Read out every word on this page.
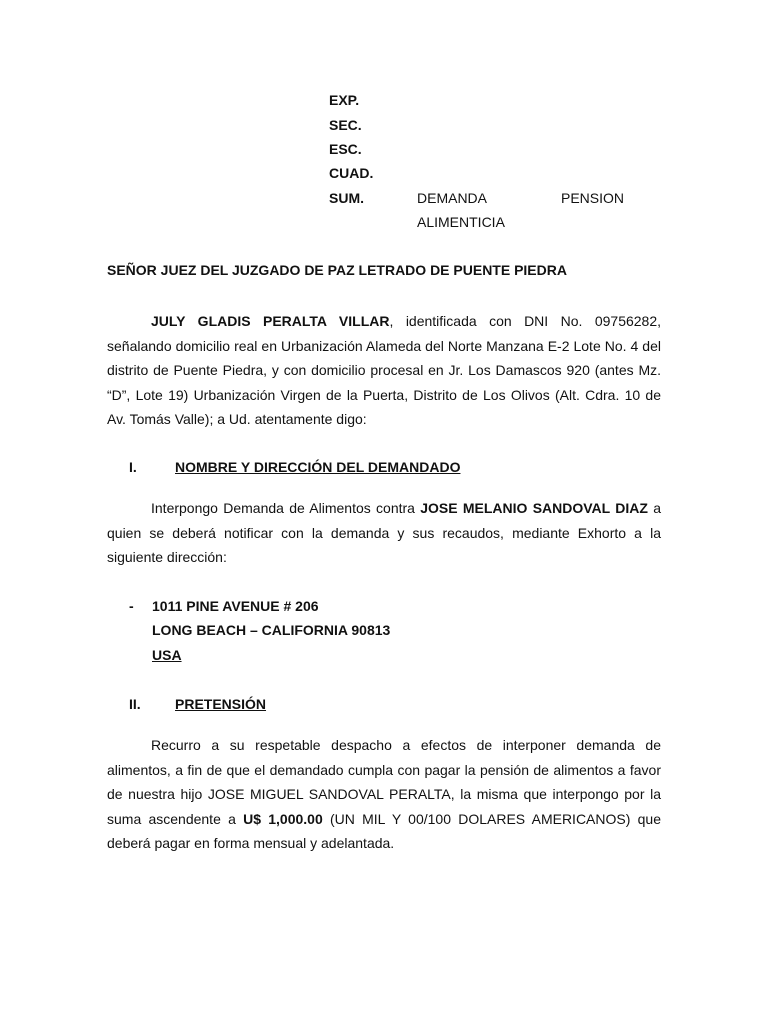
EXP.
SEC.
ESC.
CUAD.
SUM.	DEMANDA	PENSION
ALIMENTICIA
SEÑOR JUEZ DEL JUZGADO DE PAZ LETRADO DE PUENTE PIEDRA
JULY GLADIS PERALTA VILLAR, identificada con DNI No. 09756282, señalando domicilio real en Urbanización Alameda del Norte Manzana E-2 Lote No. 4 del distrito de Puente Piedra, y con domicilio procesal en Jr. Los Damascos 920 (antes Mz. “D”, Lote 19) Urbanización Virgen de la Puerta, Distrito de Los Olivos (Alt. Cdra. 10 de Av. Tomás Valle); a Ud. atentamente digo:
I.	NOMBRE Y DIRECCIÓN DEL DEMANDADO
Interpongo Demanda de Alimentos contra JOSE MELANIO SANDOVAL DIAZ a quien se deberá notificar con la demanda y sus recaudos, mediante Exhorto a la siguiente dirección:
- 1011 PINE AVENUE # 206
LONG BEACH – CALIFORNIA 90813
USA
II. PRETENSIÓN
Recurro a su respetable despacho a efectos de interponer demanda de alimentos, a fin de que el demandado cumpla con pagar la pensión de alimentos a favor de nuestra hijo JOSE MIGUEL SANDOVAL PERALTA, la misma que interpongo por la suma ascendente a U$ 1,000.00 (UN MIL Y 00/100 DOLARES AMERICANOS) que deberá pagar en forma mensual y adelantada.
